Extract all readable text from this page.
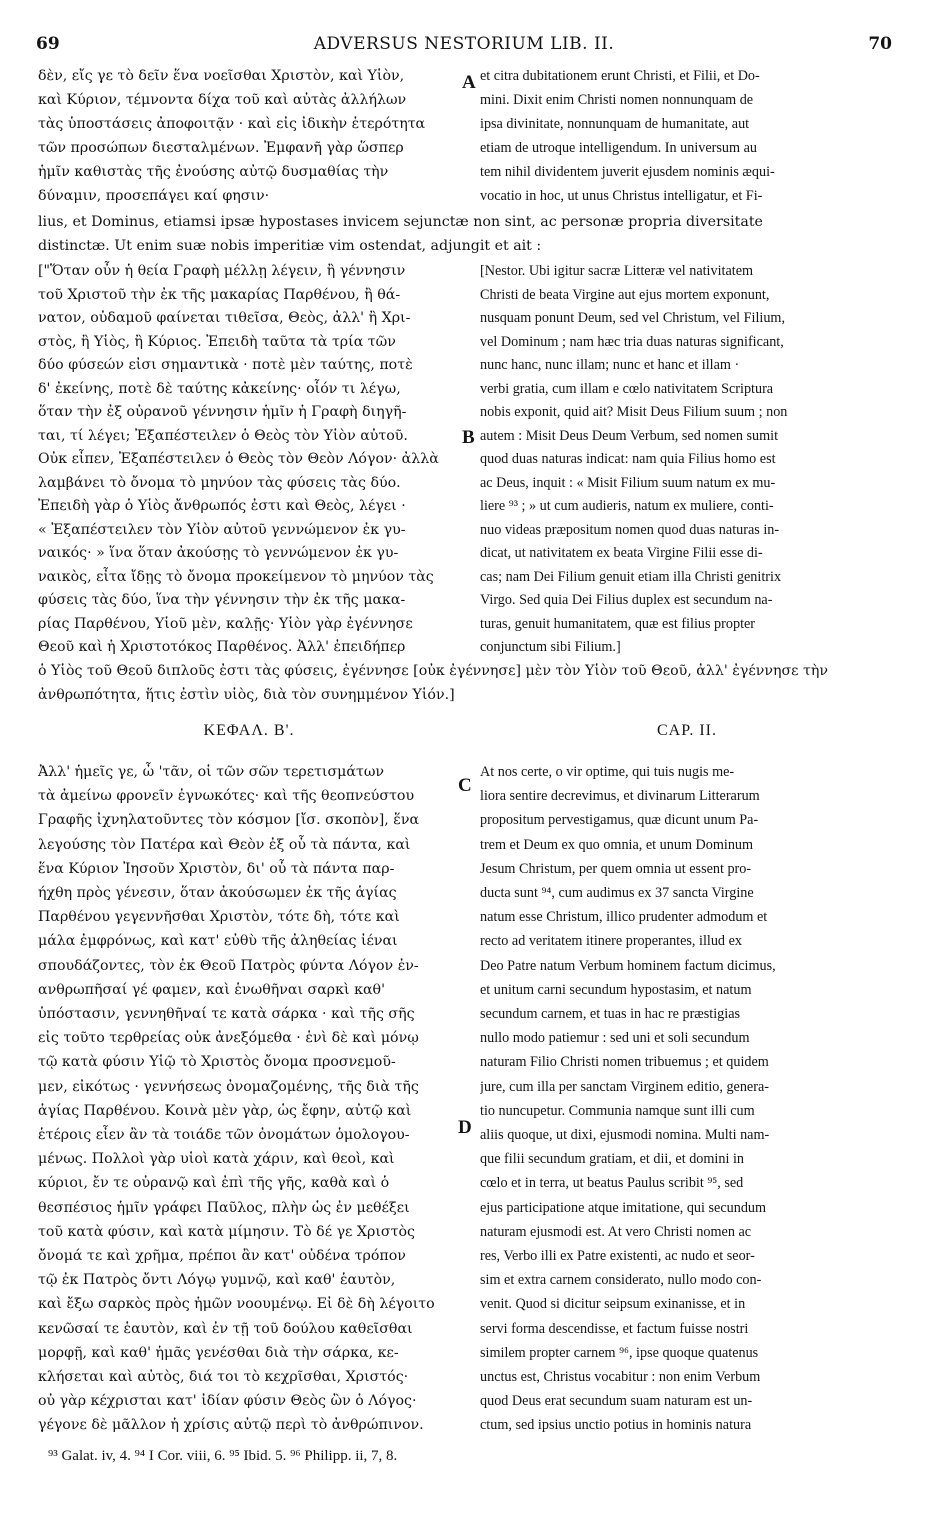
69	ADVERSUS NESTORIUM LIB. II.	70
δὲν, εἴς γε τὸ δεῖν ἕνα νοεῖσθαι Χριστὸν, καὶ Υἱὸν,
καὶ Κύριον, τέμνοντα δίχα τοῦ καὶ αὐτὰς ἀλλήλων
τὰς ὑποστάσεις ἀποφοιτᾷν · καὶ εἰς ἰδικὴν ἑτερότητα
τῶν προσώπων διεσταλμένων. Ἐμφανῆ γὰρ ὥσπερ
ἡμῖν καθιστὰς τῆς ἐνούσης αὐτῷ δυσμαθίας τὴν
δύναμιν, προσεπάγει καί φησιν·
et citra dubitationem erunt Christi, et Filii, et Do-
mini. Dixit enim Christi nomen nonnunquam de
ipsa divinitate, nonnunquam de humanitate, aut
etiam de utroque intelligendum. In universum au
tem nihil dividentem juverit ejusdem nominis æqui-
vocatio in hoc, ut unus Christus intelligatur, et Fi-
lius, et Dominus, etiamsi ipsæ hypostases invicem sejunctæ non sint, ac personæ propria diversitate
distinctæ. Ut enim suæ nobis imperitiæ vim ostendat, adjungit et ait :
["Ὅταν οὖν ἡ θεία Γραφὴ μέλλῃ λέγειν, ἢ γέννησιν
τοῦ Χριστοῦ τὴν ἐκ τῆς μακαρίας Παρθένου, ἢ θά-
νατον, οὐδαμοῦ φαίνεται τιθεῖσα, Θεὸς, ἀλλ' ἢ Χρι-
στὸς, ἢ Υἱὸς, ἢ Κύριος. Ἐπειδὴ ταῦτα τὰ τρία τῶν
δύο φύσεών εἰσι σημαντικὰ · ποτὲ μὲν ταύτης, ποτὲ
δ' ἐκείνης, ποτὲ δὲ ταύτης κἀκείνης· οἷόν τι λέγω,
ὅταν τὴν ἐξ οὐρανοῦ γέννησιν ἡμῖν ἡ Γραφὴ διηγῆ-
ται, τί λέγει; Ἐξαπέστειλεν ὁ Θεὸς τὸν Υἱὸν αὐτοῦ.
Οὐκ εἶπεν, Ἐξαπέστειλεν ὁ Θεὸς τὸν Θεὸν Λόγον· ἀλλὰ
λαμβάνει τὸ ὄνομα τὸ μηνύον τὰς φύσεις τὰς δύο.
Ἐπειδὴ γὰρ ὁ Υἱὸς ἄνθρωπός ἐστι καὶ Θεὸς, λέγει ·
« Ἐξαπέστειλεν τὸν Υἱὸν αὐτοῦ γεννώμενον ἐκ γυ-
ναικός· » ἵνα ὅταν ἀκούσῃς τὸ γεννώμενον ἐκ γυ-
ναικὸς, εἶτα ἴδῃς τὸ ὄνομα προκείμενον τὸ μηνύον τὰς
φύσεις τὰς δύο, ἵνα τὴν γέννησιν τὴν ἐκ τῆς μακα-
ρίας Παρθένου, Υἱοῦ μὲν, καλῇς· Υἱὸν γὰρ ἐγέννησε
Θεοῦ καὶ ἡ Χριστοτόκος Παρθένος. Ἀλλ' ἐπειδήπερ
[Nestor. Ubi igitur sacræ Litteræ vel nativitatem
Christi de beata Virgine aut ejus mortem exponunt,
nusquam ponunt Deum, sed vel Christum, vel Filium,
vel Dominum ; nam hæc tria duas naturas significant,
nunc hanc, nunc illam; nunc et hanc et illam ·
verbi gratia, cum illam e cœlo nativitatem Scriptura
nobis exponit, quid ait? Misit Deus Filium suum ; non
autem : Misit Deus Deum Verbum, sed nomen sumit
quod duas naturas indicat: nam quia Filius homo est
ac Deus, inquit : « Misit Filium suum natum ex mu-
liere ⁹³ ; » ut cum audieris, natum ex muliere, conti-
nuo videas præpositum nomen quod duas naturas in-
dicat, ut nativitatem ex beata Virgine Filii esse di-
cas; nam Dei Filium genuit etiam illa Christi genitrix
Virgo. Sed quia Dei Filius duplex est secundum na-
turas, genuit humanitatem, quæ est filius propter
conjunctum sibi Filium.]
ὁ Υἱὸς τοῦ Θεοῦ διπλοῦς ἐστι τὰς φύσεις, ἐγέννησε [οὐκ ἐγέννησε] μὲν τὸν Υἱὸν τοῦ Θεοῦ, ἀλλ' ἐγέννησε τὴν
ἀνθρωπότητα, ἥτις ἐστὶν υἱὸς, διὰ τὸν συνημμένον Υἱόν.]
Ἀλλ' ἡμεῖς γε, ὦ 'τᾶν, οἱ τῶν σῶν τερετισμάτων
τὰ ἀμείνω φρονεῖν ἐγνωκότες· καὶ τῆς θεοπνεύστου
Γραφῆς ἰχνηλατοῦντες τὸν κόσμον [ἴσ. σκοπὸν], ἕνα
λεγούσης τὸν Πατέρα καὶ Θεὸν ἐξ οὗ τὰ πάντα, καὶ
ἕνα Κύριον Ἰησοῦν Χριστὸν, δι' οὗ τὰ πάντα παρ-
ήχθη πρὸς γένεσιν, ὅταν ἀκούσωμεν ἐκ τῆς ἁγίας
Παρθένου γεγεννῆσθαι Χριστὸν, τότε δὴ, τότε καὶ
μάλα ἐμφρόνως, καὶ κατ' εὐθὺ τῆς ἀληθείας ἰέναι
σπουδάζοντες, τὸν ἐκ Θεοῦ Πατρὸς φύντα Λόγον ἐν-
ανθρωπῆσαί γέ φαμεν, καὶ ἑνωθῆναι σαρκὶ καθ'
ὑπόστασιν, γεννηθῆναί τε κατὰ σάρκα · καὶ τῆς σῆς
εἰς τοῦτο τερθρείας οὐκ ἀνεξόμεθα · ἑνὶ δὲ καὶ μόνῳ
τῷ κατὰ φύσιν Υἱῷ τὸ Χριστὸς ὄνομα προσνεμοῦ-
μεν, εἰκότως · γεννήσεως ὀνομαζομένης, τῆς διὰ τῆς
ἁγίας Παρθένου. Κοινὰ μὲν γὰρ, ὡς ἔφην, αὐτῷ καὶ
ἑτέροις εἶεν ἂν τὰ τοιάδε τῶν ὀνομάτων ὁμολογου-
μένως. Πολλοὶ γὰρ υἱοὶ κατὰ χάριν, καὶ θεοὶ, καὶ
κύριοι, ἔν τε οὐρανῷ καὶ ἐπὶ τῆς γῆς, καθὰ καὶ ὁ
θεσπέσιος ἡμῖν γράφει Παῦλος, πλὴν ὡς ἐν μεθέξει
τοῦ κατὰ φύσιν, καὶ κατὰ μίμησιν. Τὸ δέ γε Χριστὸς
ὄνομά τε καὶ χρῆμα, πρέποι ἂν κατ' οὐδένα τρόπον
τῷ ἐκ Πατρὸς ὄντι Λόγῳ γυμνῷ, καὶ καθ' ἑαυτὸν,
καὶ ἔξω σαρκὸς πρὸς ἡμῶν νοουμένῳ. Εἰ δὲ δὴ λέγοιτο
κενῶσαί τε ἑαυτὸν, καὶ ἐν τῇ τοῦ δούλου καθεῖσθαι
μορφῇ, καὶ καθ' ἡμᾶς γενέσθαι διὰ τὴν σάρκα, κε-
κλήσεται καὶ αὐτὸς, διά τοι τὸ κεχρῖσθαι, Χριστός·
οὐ γὰρ κέχρισται κατ' ἰδίαν φύσιν Θεὸς ὢν ὁ Λόγος·
γέγονε δὲ μᾶλλον ἡ χρίσις αὐτῷ περὶ τὸ ἀνθρώπινον.
At nos certe, o vir optime, qui tuis nugis me-
liora sentire decrevimus, et divinarum Litterarum
propositum pervestigamus, quæ dicunt unum Pa-
trem et Deum ex quo omnia, et unum Dominum
Jesum Christum, per quem omnia ut essent pro-
ducta sunt ⁹⁴, cum audimus ex 37 sancta Virgine
natum esse Christum, illico prudenter admodum et
recto ad veritatem itinere properantes, illud ex
Deo Patre natum Verbum hominem factum dicimus,
et unitum carni secundum hypostasim, et natum
secundum carnem, et tuas in hac re præstigias
nullo modo patiemur : sed uni et soli secundum
naturam Filio Christi nomen tribuemus ; et quidem
jure, cum illa per sanctam Virginem editio, genera-
tio nuncupetur. Communia namque sunt illi cum
aliis quoque, ut dixi, ejusmodi nomina. Multi nam-
que filii secundum gratiam, et dii, et domini in
cœlo et in terra, ut beatus Paulus scribit ⁹⁵, sed
ejus participatione atque imitatione, qui secundum
naturam ejusmodi est. At vero Christi nomen ac
res, Verbo illi ex Patre existenti, ac nudo et seor-
sim et extra carnem considerato, nullo modo con-
venit. Quod si dicitur seipsum exinanisse, et in
servi forma descendisse, et factum fuisse nostri
similem propter carnem ⁹⁶, ipse quoque quatenus
unctus est, Christus vocabitur : non enim Verbum
quod Deus erat secundum suam naturam est un-
ctum, sed ipsius unctio potius in hominis natura
A
B
C
D
ΚΕΦΑΛ. Β'.	CAP. II.
⁹³ Galat. iv, 4. ⁹⁴ I Cor. viii, 6. ⁹⁵ Ibid. 5. ⁹⁶ Philipp. ii, 7, 8.
